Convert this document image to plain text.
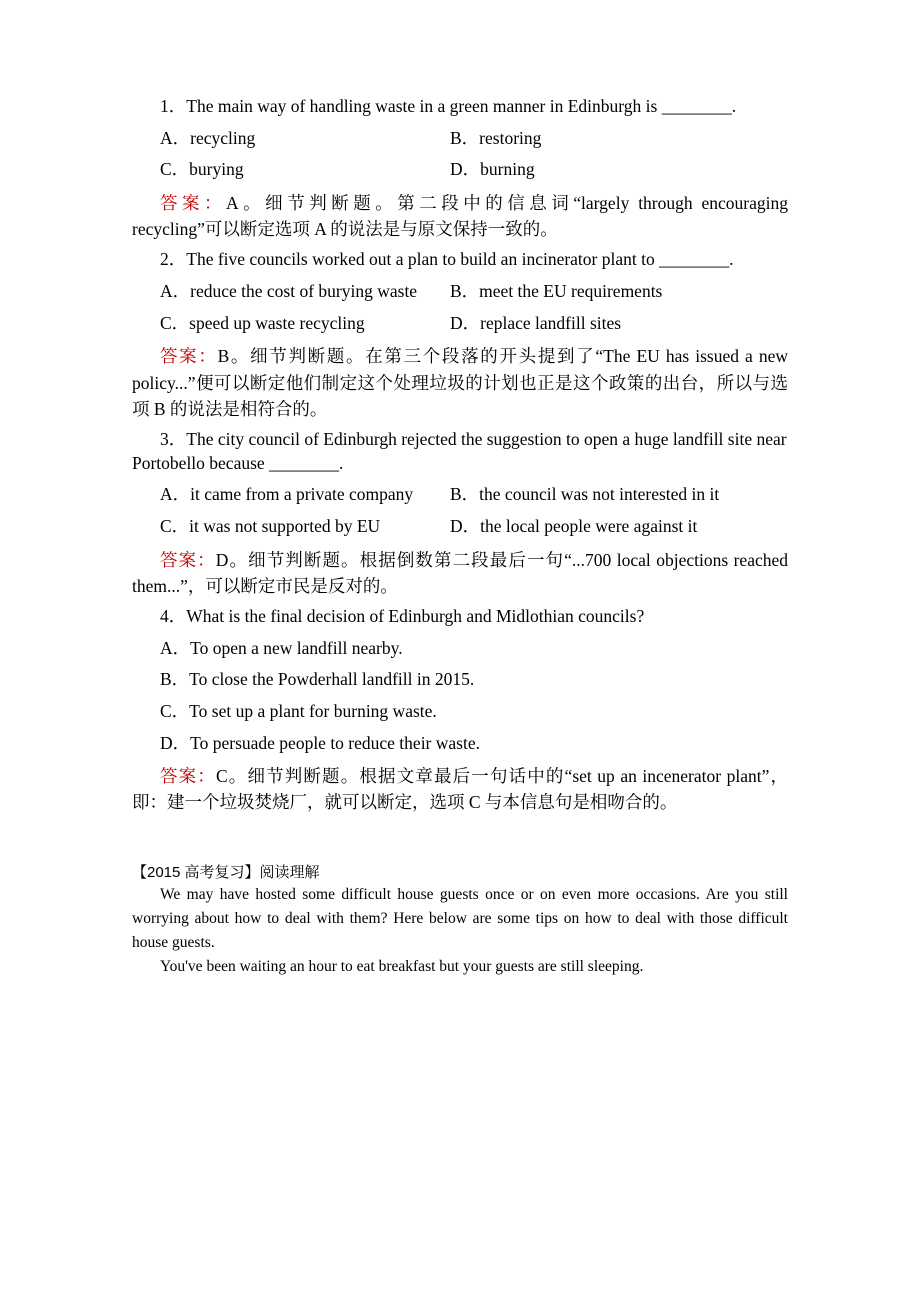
1．The main way of handling waste in a green manner in Edinburgh is ________.
A．recycling	B．restoring
C．burying	D．burning
答案：A。细节判断题。第二段中的信息词“largely through encouraging recycling”可以断定选项 A 的说法是与原文保持一致的。
2．The five councils worked out a plan to build an incinerator plant to ________.
A．reduce the cost of burying waste	B．meet the EU requirements
C．speed up waste recycling	D．replace landfill sites
答案：B。细节判断题。在第三个段落的开头提到了“The EU has issued a new policy...”便可以断定他们制定这个处理垃圾的计划也正是这个政策的出台，所以与选项 B 的说法是相符合的。
3．The city council of Edinburgh rejected the suggestion to open a huge landfill site near Portobello because ________.
A．it came from a private company	B．the council was not interested in it
C．it was not supported by EU	D．the local people were against it
答案：D。细节判断题。根据倒数第二段最后一句“...700 local objections reached them...”，可以断定市民是反对的。
4．What is the final decision of Edinburgh and Midlothian councils?
A．To open a new landfill nearby.
B．To close the Powderhall landfill in 2015.
C．To set up a plant for burning waste.
D．To persuade people to reduce their waste.
答案：C。细节判断题。根据文章最后一句话中的“set up an incenerator plant”，即：建一个垃圾焚烧厂，就可以断定，选项 C 与本信息句是相吻合的。
【2015 高考复习】阅读理解
We may have hosted some difficult house guests once or on even more occasions. Are you still worrying about how to deal with them? Here below are some tips on how to deal with those difficult house guests.
You've been waiting an hour to eat breakfast but your guests are still sleeping.
